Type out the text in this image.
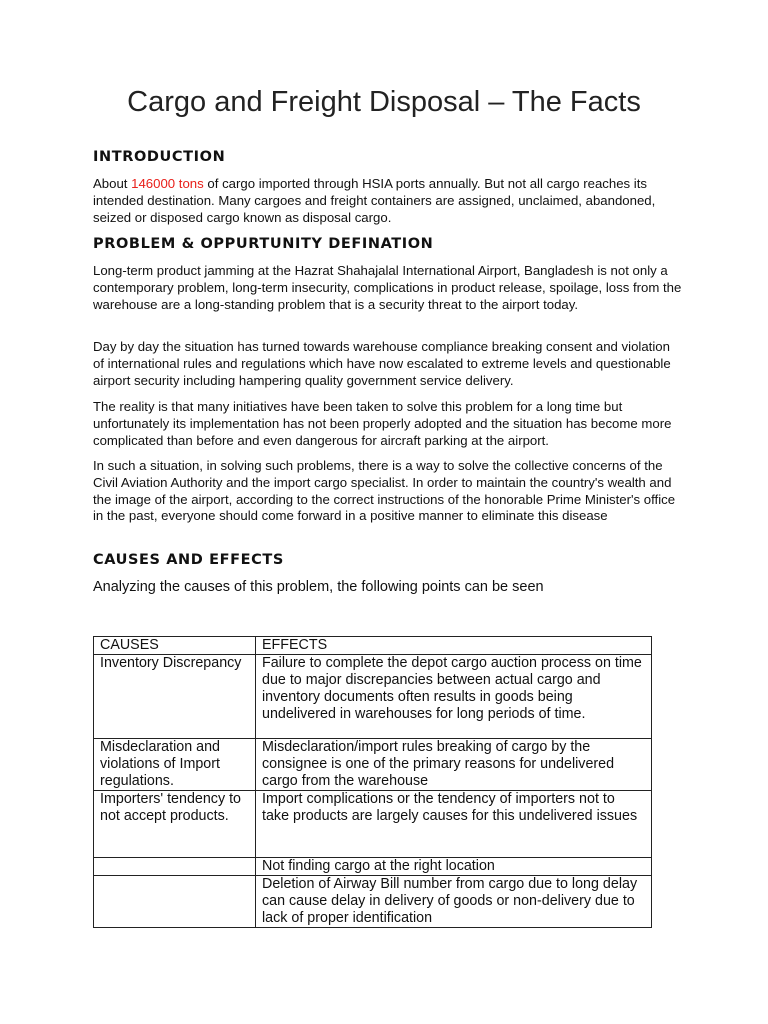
Cargo and Freight Disposal – The Facts
INTRODUCTION

About 146000 tons of cargo imported through HSIA ports annually. But not all cargo reaches its intended destination. Many cargoes and freight containers are assigned, unclaimed, abandoned, seized or disposed cargo known as disposal cargo.

PROBLEM & OPPURTUNITY DEFINATION

Long-term product jamming at the Hazrat Shahajalal International Airport, Bangladesh is not only a contemporary problem, long-term insecurity, complications in product release, spoilage, loss from the warehouse are a long-standing problem that is a security threat to the airport today.

Day by day the situation has turned towards warehouse compliance breaking consent and violation of international rules and regulations which have now escalated to extreme levels and questionable airport security including hampering quality government service delivery.

The reality is that many initiatives have been taken to solve this problem for a long time but unfortunately its implementation has not been properly adopted and the situation has become more complicated than before and even dangerous for aircraft parking at the airport.

In such a situation, in solving such problems, there is a way to solve the collective concerns of the Civil Aviation Authority and the import cargo specialist. In order to maintain the country's wealth and the image of the airport, according to the correct instructions of the honorable Prime Minister's office in the past, everyone should come forward in a positive manner to eliminate this disease

CAUSES AND EFFECTS

Analyzing the causes of this problem, the following points can be seen

CAUSES	EFFECTS
Inventory Discrepancy	Failure to complete the depot cargo auction process on time due to major discrepancies between actual cargo and inventory documents often results in goods being undelivered in warehouses for long periods of time.
Misdeclaration and violations of Import regulations.	Misdeclaration/import rules breaking of cargo by the consignee is one of the primary reasons for undelivered cargo from the warehouse
Importers' tendency to not accept products.	Import complications or the tendency of importers not to take products are largely causes for this undelivered issues
	Not finding cargo at the right location
	Deletion of Airway Bill number from cargo due to long delay can cause delay in delivery of goods or non-delivery due to lack of proper identification
